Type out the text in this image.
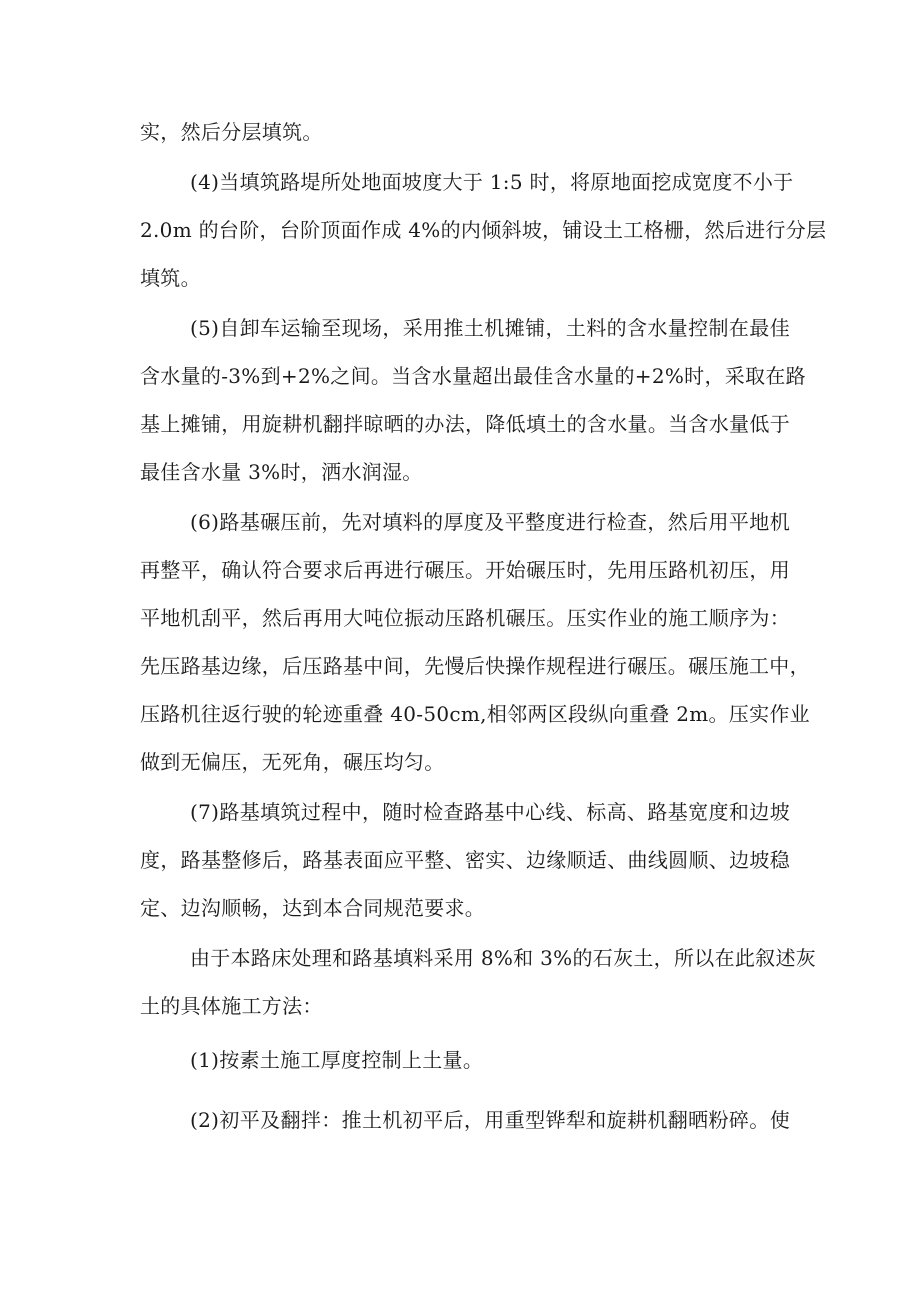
实，然后分层填筑。
(4)当填筑路堤所处地面坡度大于 1:5 时，将原地面挖成宽度不小于
2.0m 的台阶，台阶顶面作成 4%的内倾斜坡，铺设土工格栅，然后进行分层
填筑。
(5)自卸车运输至现场，采用推土机摊铺，土料的含水量控制在最佳
含水量的-3%到+2%之间。当含水量超出最佳含水量的+2%时，采取在路
基上摊铺，用旋耕机翻拌晾晒的办法，降低填土的含水量。当含水量低于
最佳含水量 3%时，洒水润湿。
(6)路基碾压前，先对填料的厚度及平整度进行检查，然后用平地机
再整平，确认符合要求后再进行碾压。开始碾压时，先用压路机初压，用
平地机刮平，然后再用大吨位振动压路机碾压。压实作业的施工顺序为：
先压路基边缘，后压路基中间，先慢后快操作规程进行碾压。碾压施工中，
压路机往返行驶的轮迹重叠 40-50cm,相邻两区段纵向重叠 2m。压实作业
做到无偏压，无死角，碾压均匀。
(7)路基填筑过程中，随时检查路基中心线、标高、路基宽度和边坡
度，路基整修后，路基表面应平整、密实、边缘顺适、曲线圆顺、边坡稳
定、边沟顺畅，达到本合同规范要求。
由于本路床处理和路基填料采用 8%和 3%的石灰土，所以在此叙述灰
土的具体施工方法：
(1)按素土施工厚度控制上土量。
(2)初平及翻拌：推土机初平后，用重型铧犁和旋耕机翻晒粉碎。使
